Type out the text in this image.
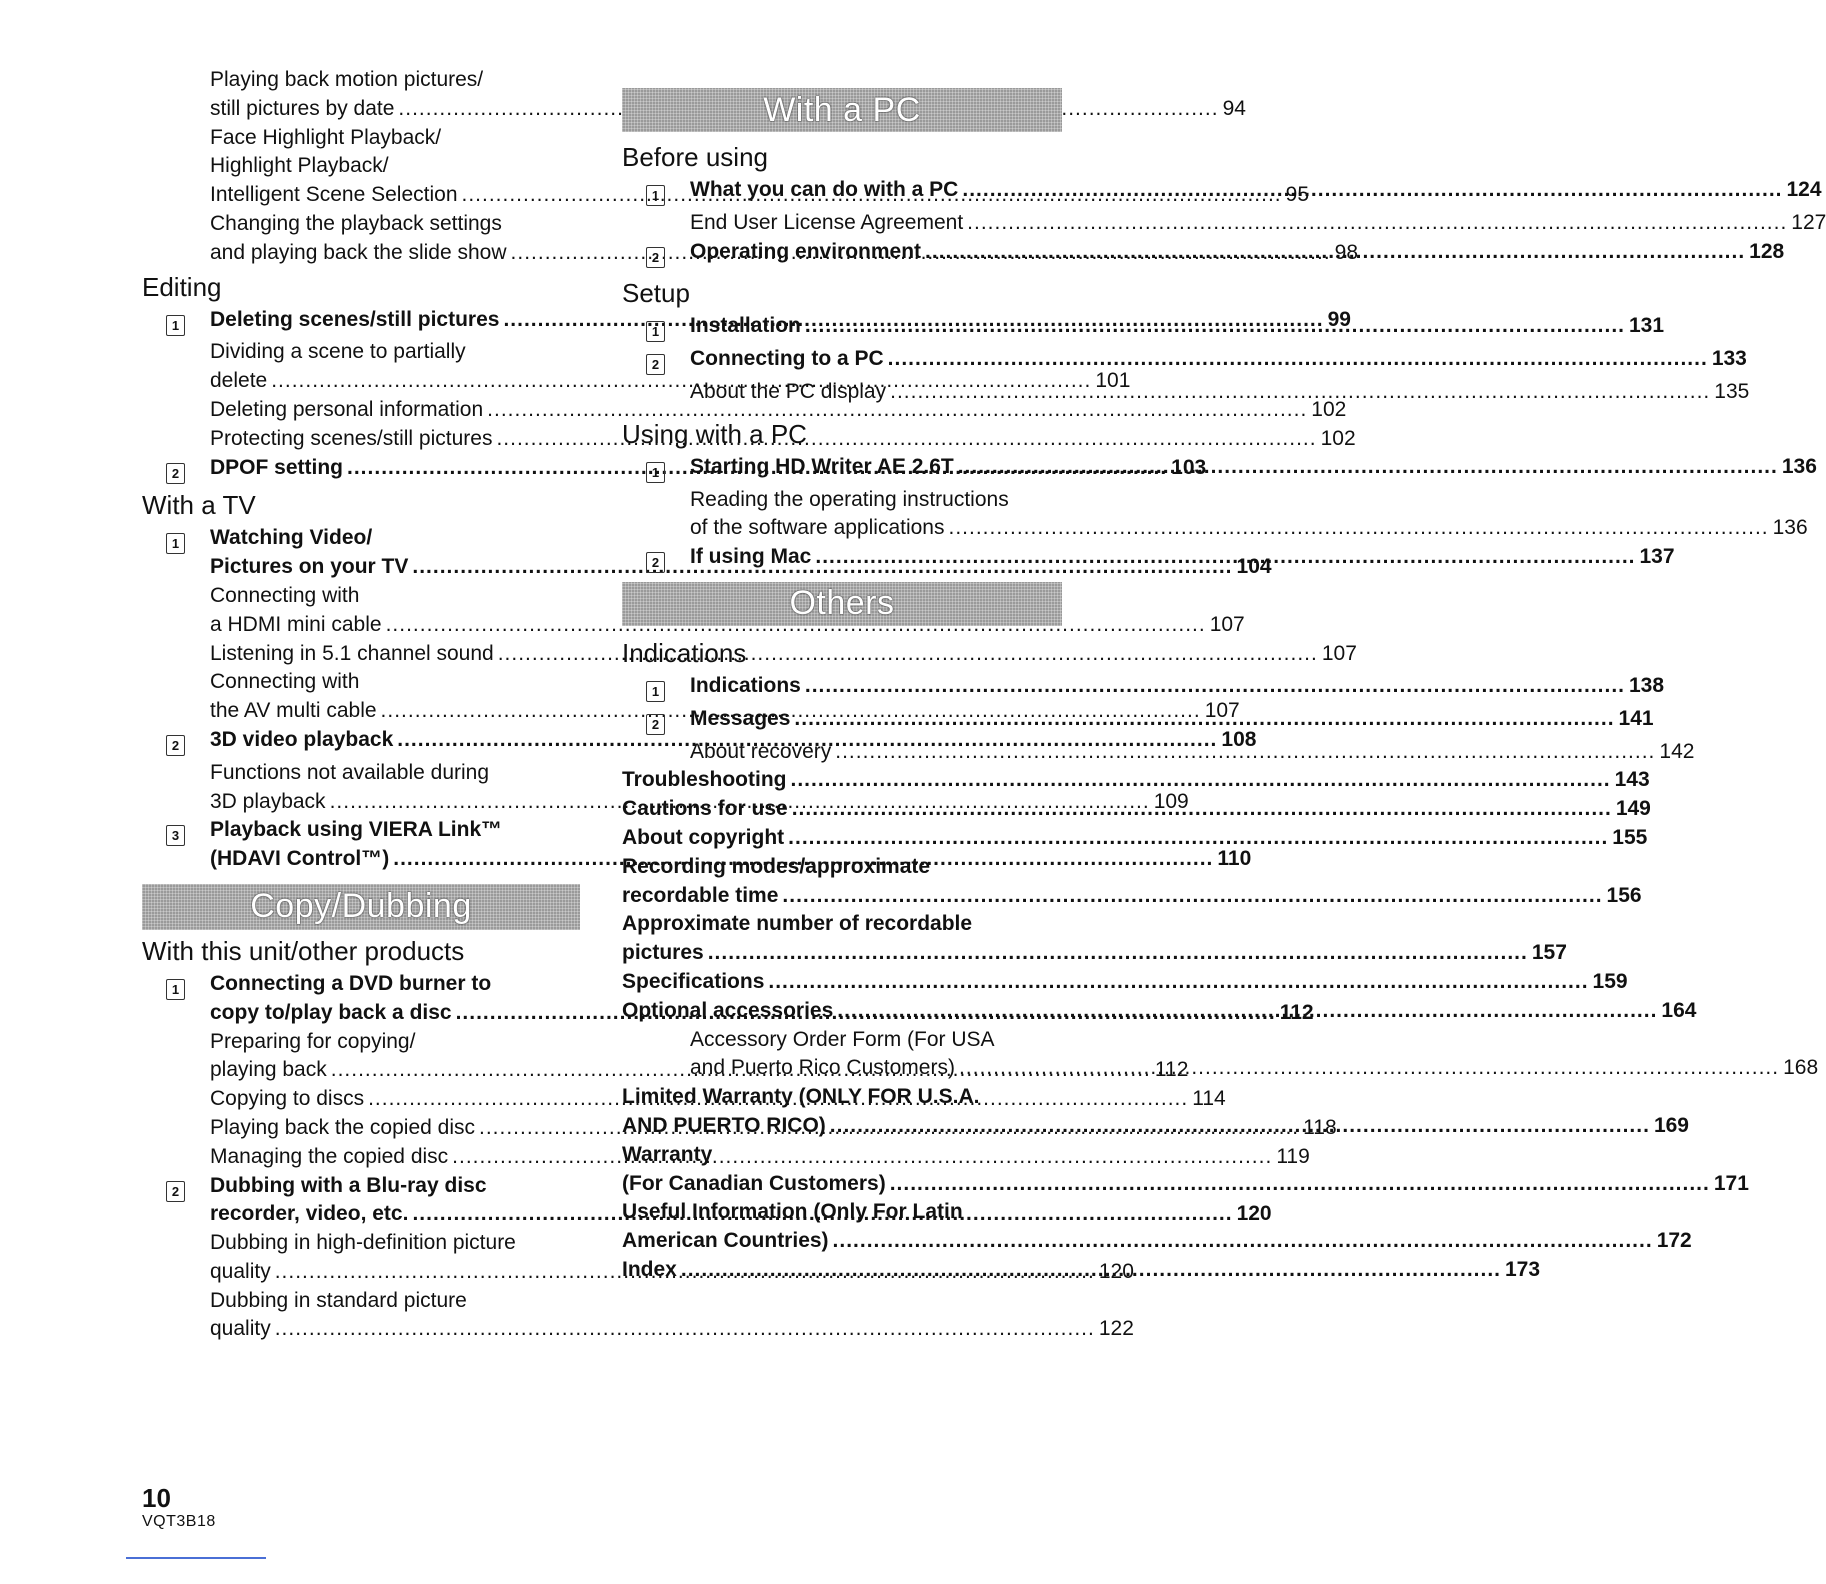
Playing back motion pictures/
still pictures by date .....	94
Face Highlight Playback/
Highlight Playback/
Intelligent Scene Selection .....	95
Changing the playback settings
and playing back the slide show .....	98
Editing
1	Deleting scenes/still pictures .....	99
Dividing a scene to partially
delete .....	101
Deleting personal information .....	102
Protecting scenes/still pictures .....	102
2	DPOF setting .....	103
With a TV
1	Watching Video/
Pictures on your TV .....	104
Connecting with
a HDMI mini cable .....	107
Listening in 5.1 channel sound .....	107
Connecting with
the AV multi cable .....	107
2	3D video playback .....	108
Functions not available during
3D playback .....	109
3	Playback using VIERA Link™
(HDAVI Control™) .....	110
Copy/Dubbing
With this unit/other products
1	Connecting a DVD burner to
copy to/play back a disc .....	112
Preparing for copying/
playing back .....	112
Copying to discs .....	114
Playing back the copied disc .....	118
Managing the copied disc .....	119
2	Dubbing with a Blu-ray disc
recorder, video, etc. .....	120
Dubbing in high-definition picture
quality .....	120
Dubbing in standard picture
quality .....	122
With a PC
Before using
1	What you can do with a PC .....	124
End User License Agreement .....	127
2	Operating environment .....	128
Setup
1	Installation .....	131
2	Connecting to a PC .....	133
About the PC display .....	135
Using with a PC
1	Starting HD Writer AE 2.6T .....	136
Reading the operating instructions
of the software applications .....	136
2	If using Mac .....	137
Others
Indications
1	Indications .....	138
2	Messages .....	141
About recovery .....	142
Troubleshooting .....	143
Cautions for use .....	149
About copyright .....	155
Recording modes/approximate
recordable time .....	156
Approximate number of recordable
pictures .....	157
Specifications .....	159
Optional accessories .....	164
Accessory Order Form (For USA
and Puerto Rico Customers) .....	168
Limited Warranty (ONLY FOR U.S.A.
AND PUERTO RICO) .....	169
Warranty
(For Canadian Customers) .....	171
Useful Information (Only For Latin
American Countries) .....	172
Index .....	173
10
VQT3B18
